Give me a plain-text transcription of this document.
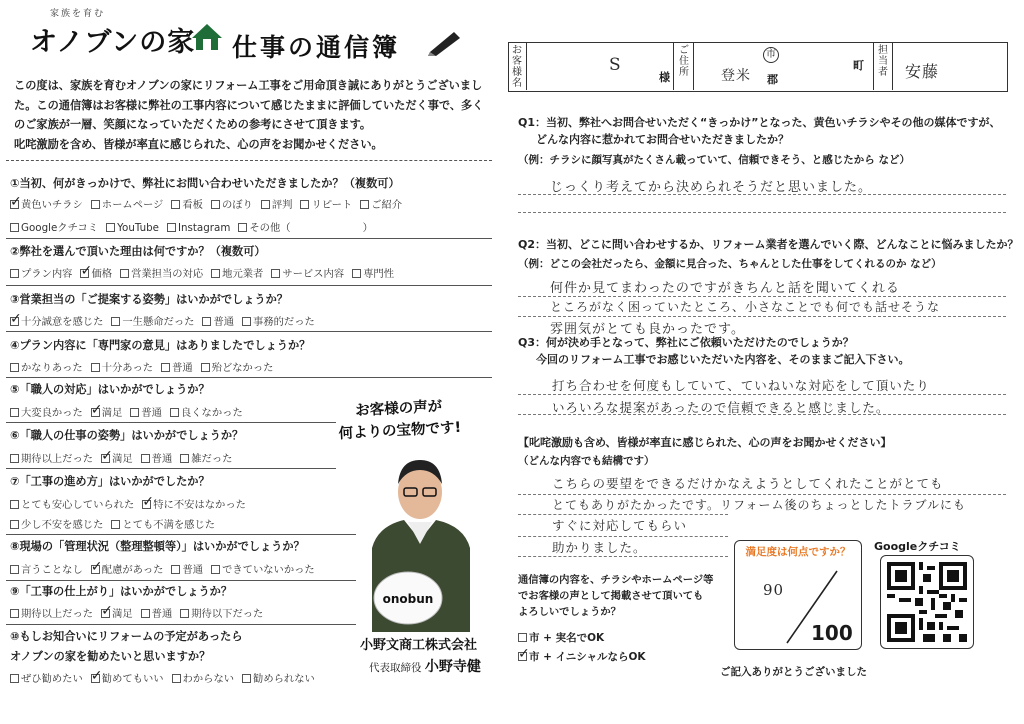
家族を育む
オノブンの家 仕事の通信簿
この度は、家族を育むオノブンの家にリフォーム工事をご用命頂き誠にありがとうございまし
た。この通信簿はお客様に弊社の工事内容について感じたままに評価していただく事で、多く
のご家族が一層、笑顔になっていただくための参考にさせて頂きます。
叱咤激励を含め、皆様が率直に感じられた、心の声をお聞かせください。
①当初、何がきっかけで、弊社にお問い合わせいただきましたか？（複数可）
✓黄色いチラシ ホームページ 看板 のぼり 評判 リピート ご紹介
Googleクチコミ YouTube Instagram その他（　　　　　　　）
②弊社を選んで頂いた理由は何ですか？（複数可）
プラン内容 ✓ 価格 営業担当の対応 地元業者 サービス内容 専門性
③営業担当の「ご提案する姿勢」はいかがでしょうか？
✓十分誠意を感じた 一生懸命だった 普通 事務的だった
④プラン内容に「専門家の意見」はありましたでしょうか？
かなりあった 十分あった 普通 殆どなかった
⑤「職人の対応」はいかがでしょうか？
大変良かった ✓ 満足 普通 良くなかった
⑥「職人の仕事の姿勢」はいかがでしょうか？
期待以上だった ✓ 満足 普通 雑だった
⑦「工事の進め方」はいかがでしたか？
とても安心していられた ✓ 特に不安はなかった
少し不安を感じた とても不满を感じた
⑧現場の「管理状況（整理整頓等）」はいかがでしょうか？
言うことなし ✓ 配慮があった 普通 できていないかった
⑨「工事の仕上がり」はいかがでしょうか？
期待以上だった ✓ 満足 普通 期待以下だった
⑩もしお知合いにリフォームの予定があったら
オノブンの家を勧めたいと思いますか？
ぜひ勧めたい ✓ 勧めてもいい わからない 勧められない
お客様の声が
何よりの宝物です!
onobun
小野文商工株式会社
代表取締役 小野寺健
お客様名
S
様
ご住所
市
登米 郡
町
担当者 安藤
Q1：当初、弊社へお問合せいただく“きっかけ”となった、黄色いチラシやその他の媒体ですが、
どんな内容に惹かれてお問合せいただきましたか？
（例：チラシに顔写真がたくさん載っていて、信頼できそう、と感じたから など）
じっくり考えてから決められそうだと思いました。
Q2：当初、どこに問い合わせするか、リフォーム業者を選んでいく際、どんなことに悩みましたか？
（例：どこの会社だったら、金額に見合った、ちゃんとした仕事をしてくれるのか など）
何件か見てまわったのですがきちんと話を聞いてくれる
ところがなく困っていたところ、小さなことでも何でも話せそうな
雰囲気がとても良かったです。
Q3：何が決め手となって、弊社にご依頼いただけたのでしょうか？
今回のリフォーム工事でお感じいただいた内容を、そのままご記入下さい。
打ち合わせを何度もしていて、ていねいな対応をして頂いたり
いろいろな提案があったので信頼できると感じました。
【叱咤激励も含め、皆様が率直に感じられた、心の声をお聞かせください】
（どんな内容でも結構です）
こちらの要望をできるだけかなえようとしてくれたことがとても
とてもありがたかったです。リフォーム後のちょっとしたトラブルにも
すぐに対応してもらい
助かりました。	満足度は何点ですか？
90
100
Googleクチコミ
通信簿の内容を、チラシやホームページ等
でお客様の声として掲載させて頂いても
よろしいでしょうか？
市 + 実名でOK
✓市 + イニシャルならOK
ご記入ありがとうございました
